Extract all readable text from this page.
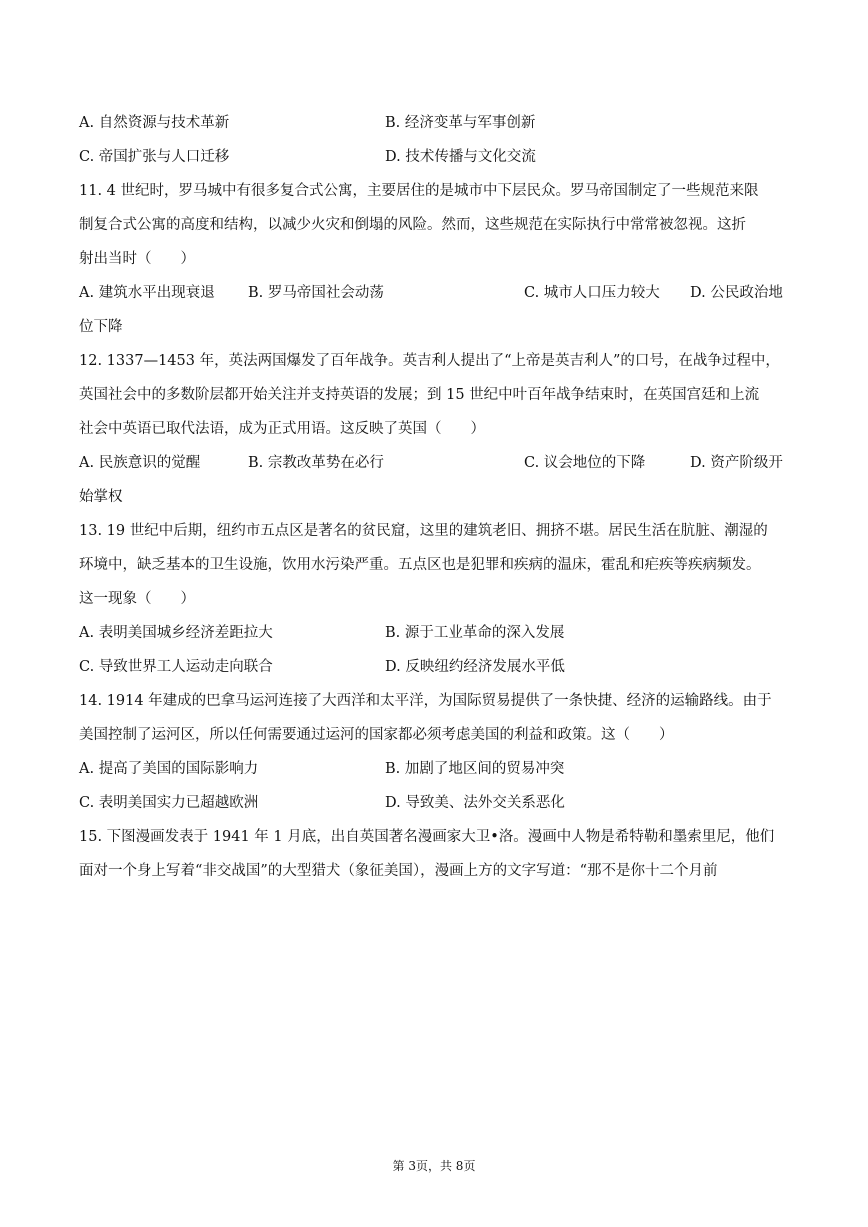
A. 自然资源与技术革新	B. 经济变革与军事创新
C. 帝国扩张与人口迁移	D. 技术传播与文化交流
11. 4 世纪时，罗马城中有很多复合式公寓，主要居住的是城市中下层民众。罗马帝国制定了一些规范来限
制复合式公寓的高度和结构，以减少火灾和倒塌的风险。然而，这些规范在实际执行中常常被忽视。这折
射出当时（　　）
A. 建筑水平出现衰退 B. 罗马帝国社会动荡	C. 城市人口压力较大 D. 公民政治地
位下降
12. 1337—1453 年，英法两国爆发了百年战争。英吉利人提出了“上帝是英吉利人”的口号，在战争过程中，
英国社会中的多数阶层都开始关注并支持英语的发展；到 15 世纪中叶百年战争结束时，在英国宫廷和上流
社会中英语已取代法语，成为正式用语。这反映了英国（　　）
A. 民族意识的觉醒	B. 宗教改革势在必行	C. 议会地位的下降	D. 资产阶级开
始掌权
13. 19 世纪中后期，纽约市五点区是著名的贫民窟，这里的建筑老旧、拥挤不堪。居民生活在肮脏、潮湿的
环境中，缺乏基本的卫生设施，饮用水污染严重。五点区也是犯罪和疾病的温床，霍乱和疟疾等疾病频发。
这一现象（　　）
A. 表明美国城乡经济差距拉大	B. 源于工业革命的深入发展
C. 导致世界工人运动走向联合	D. 反映纽约经济发展水平低
14. 1914 年建成的巴拿马运河连接了大西洋和太平洋，为国际贸易提供了一条快捷、经济的运输路线。由于
美国控制了运河区，所以任何需要通过运河的国家都必须考虑美国的利益和政策。这（　　）
A. 提高了美国的国际影响力	B. 加剧了地区间的贸易冲突
C. 表明美国实力已超越欧洲	D. 导致美、法外交关系恶化
15. 下图漫画发表于 1941 年 1 月底，出自英国著名漫画家大卫•洛。漫画中人物是希特勒和墨索里尼，他们
面对一个身上写着“非交战国”的大型猎犬（象征美国），漫画上方的文字写道：“那不是你十二个月前
第 3页，共 8页
